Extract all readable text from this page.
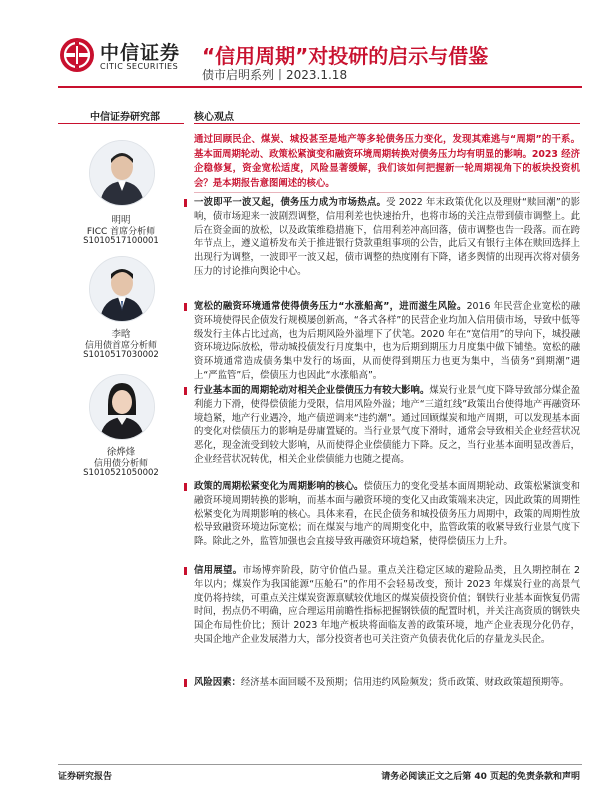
中信证券
CITIC SECURITIES “信用周期”对投研的启示与借鉴
债市启明系列丨2023.1.18
中信证券研究部
明明
FICC 首席分析师
S1010517100001
李晗
信用债首席分析师
S1010517030002
徐烨烽
信用债分析师
S1010521050002
核心观点
通过回顾民企、煤炭、城投甚至是地产等多轮债务压力变化，发现其难逃与“周期”的干系。基本面周期轮动、政策松紧演变和融资环境周期转换对债务压力均有明显的影响。2023 经济企稳修复，资金宽松适度，风险显著缓解，我们该如何把握新一轮周期视角下的板块投资机会？是本期报告意图阐述的核心。
一波即平一波又起，债务压力成为市场热点。受 2022 年末政策优化以及理财“赎回潮”的影响，债市场迎来一波剧烈调整，信用利差也快速抬升，也将市场的关注点带到债市调整上。此后在资金面的放松，以及政策维稳措施下，信用利差冲高回落，债市调整也告一段落。而在跨年节点上，遵义道桥发布关于推进银行贷款重组事项的公告，此后又有银行主体在赎回选择上出现行为调整，一波即平一波又起，债市调整的热度刚有下降，诸多舆情的出现再次将对债务压力的讨论推向舆论中心。
宽松的融资环境通常使得债务压力“水涨船高”，进而滋生风险。2016 年民营企业宽松的融资环境使得民企债发行规模屡创新高，“各式各样”的民营企业均加入信用债市场，导致中低等级发行主体占比过高，也为后期风险外溢埋下了伏笔。2020 年在“宽信用”的导向下，城投融资环境边际放松，带动城投债发行月度集中，也为后期到期压力月度集中做下铺垫。宽松的融资环境通常造成债务集中发行的场面，从而使得到期压力也更为集中，当债务“到期潮”遇上“严监管”后，偿债压力也因此“水涨船高”。
行业基本面的周期轮动对相关企业偿债压力有较大影响。煤炭行业景气度下降导致部分煤企盈利能力下滑，使得偿债能力受限，信用风险外溢；地产“三道红线”政策出台使得地产再融资环境趋紧，地产行业遇冷，地产债逆调来“违约潮”。通过回顾煤炭和地产周期，可以发现基本面的变化对偿债压力的影响是毋庸置疑的。当行业景气度下滑时，通常会导致相关企业经营状况恶化，现金流受到较大影响，从而使得企业偿债能力下降。反之，当行业基本面明显改善后，企业经营状况转优，相关企业偿债能力也随之提高。
政策的周期松紧变化为周期影响的核心。偿债压力的变化受基本面周期轮动、政策松紧演变和融资环境周期转换的影响，而基本面与融资环境的变化又由政策端来决定，因此政策的周期性松紧变化为周期影响的核心。具体来看，在民企债务和城投债务压力周期中，政策的周期性放松导致融资环境边际宽松；而在煤炭与地产的周期变化中，监管政策的收紧导致行业景气度下降。除此之外，监管加强也会直接导致再融资环境趋紧，使得偿债压力上升。
信用展望。市场博弈阶段，防守价值凸显。重点关注稳定区域的避险品类，且久期控制在 2 年以内；煤炭作为我国能源“压舱石”的作用不会轻易改变，预计 2023 年煤炭行业的高景气度仍将持续，可重点关注煤炭资源禀赋较优地区的煤炭债投资价值；钢铁行业基本面恢复仍需时间，拐点仍不明确，应合理运用前瞻性指标把握钢铁债的配置时机，并关注高资质的钢铁央国企布局性价比；预计 2023 年地产板块将面临友善的政策环境，地产企业表现分化仍存，央国企地产企业发展潜力大，部分投资者也可关注资产负债表优化后的存量龙头民企。
风险因素：经济基本面回暖不及预期；信用违约风险频发；货币政策、财政政策超预期等。
证券研究报告	请务必阅读正文之后第 40 页起的免责条款和声明
